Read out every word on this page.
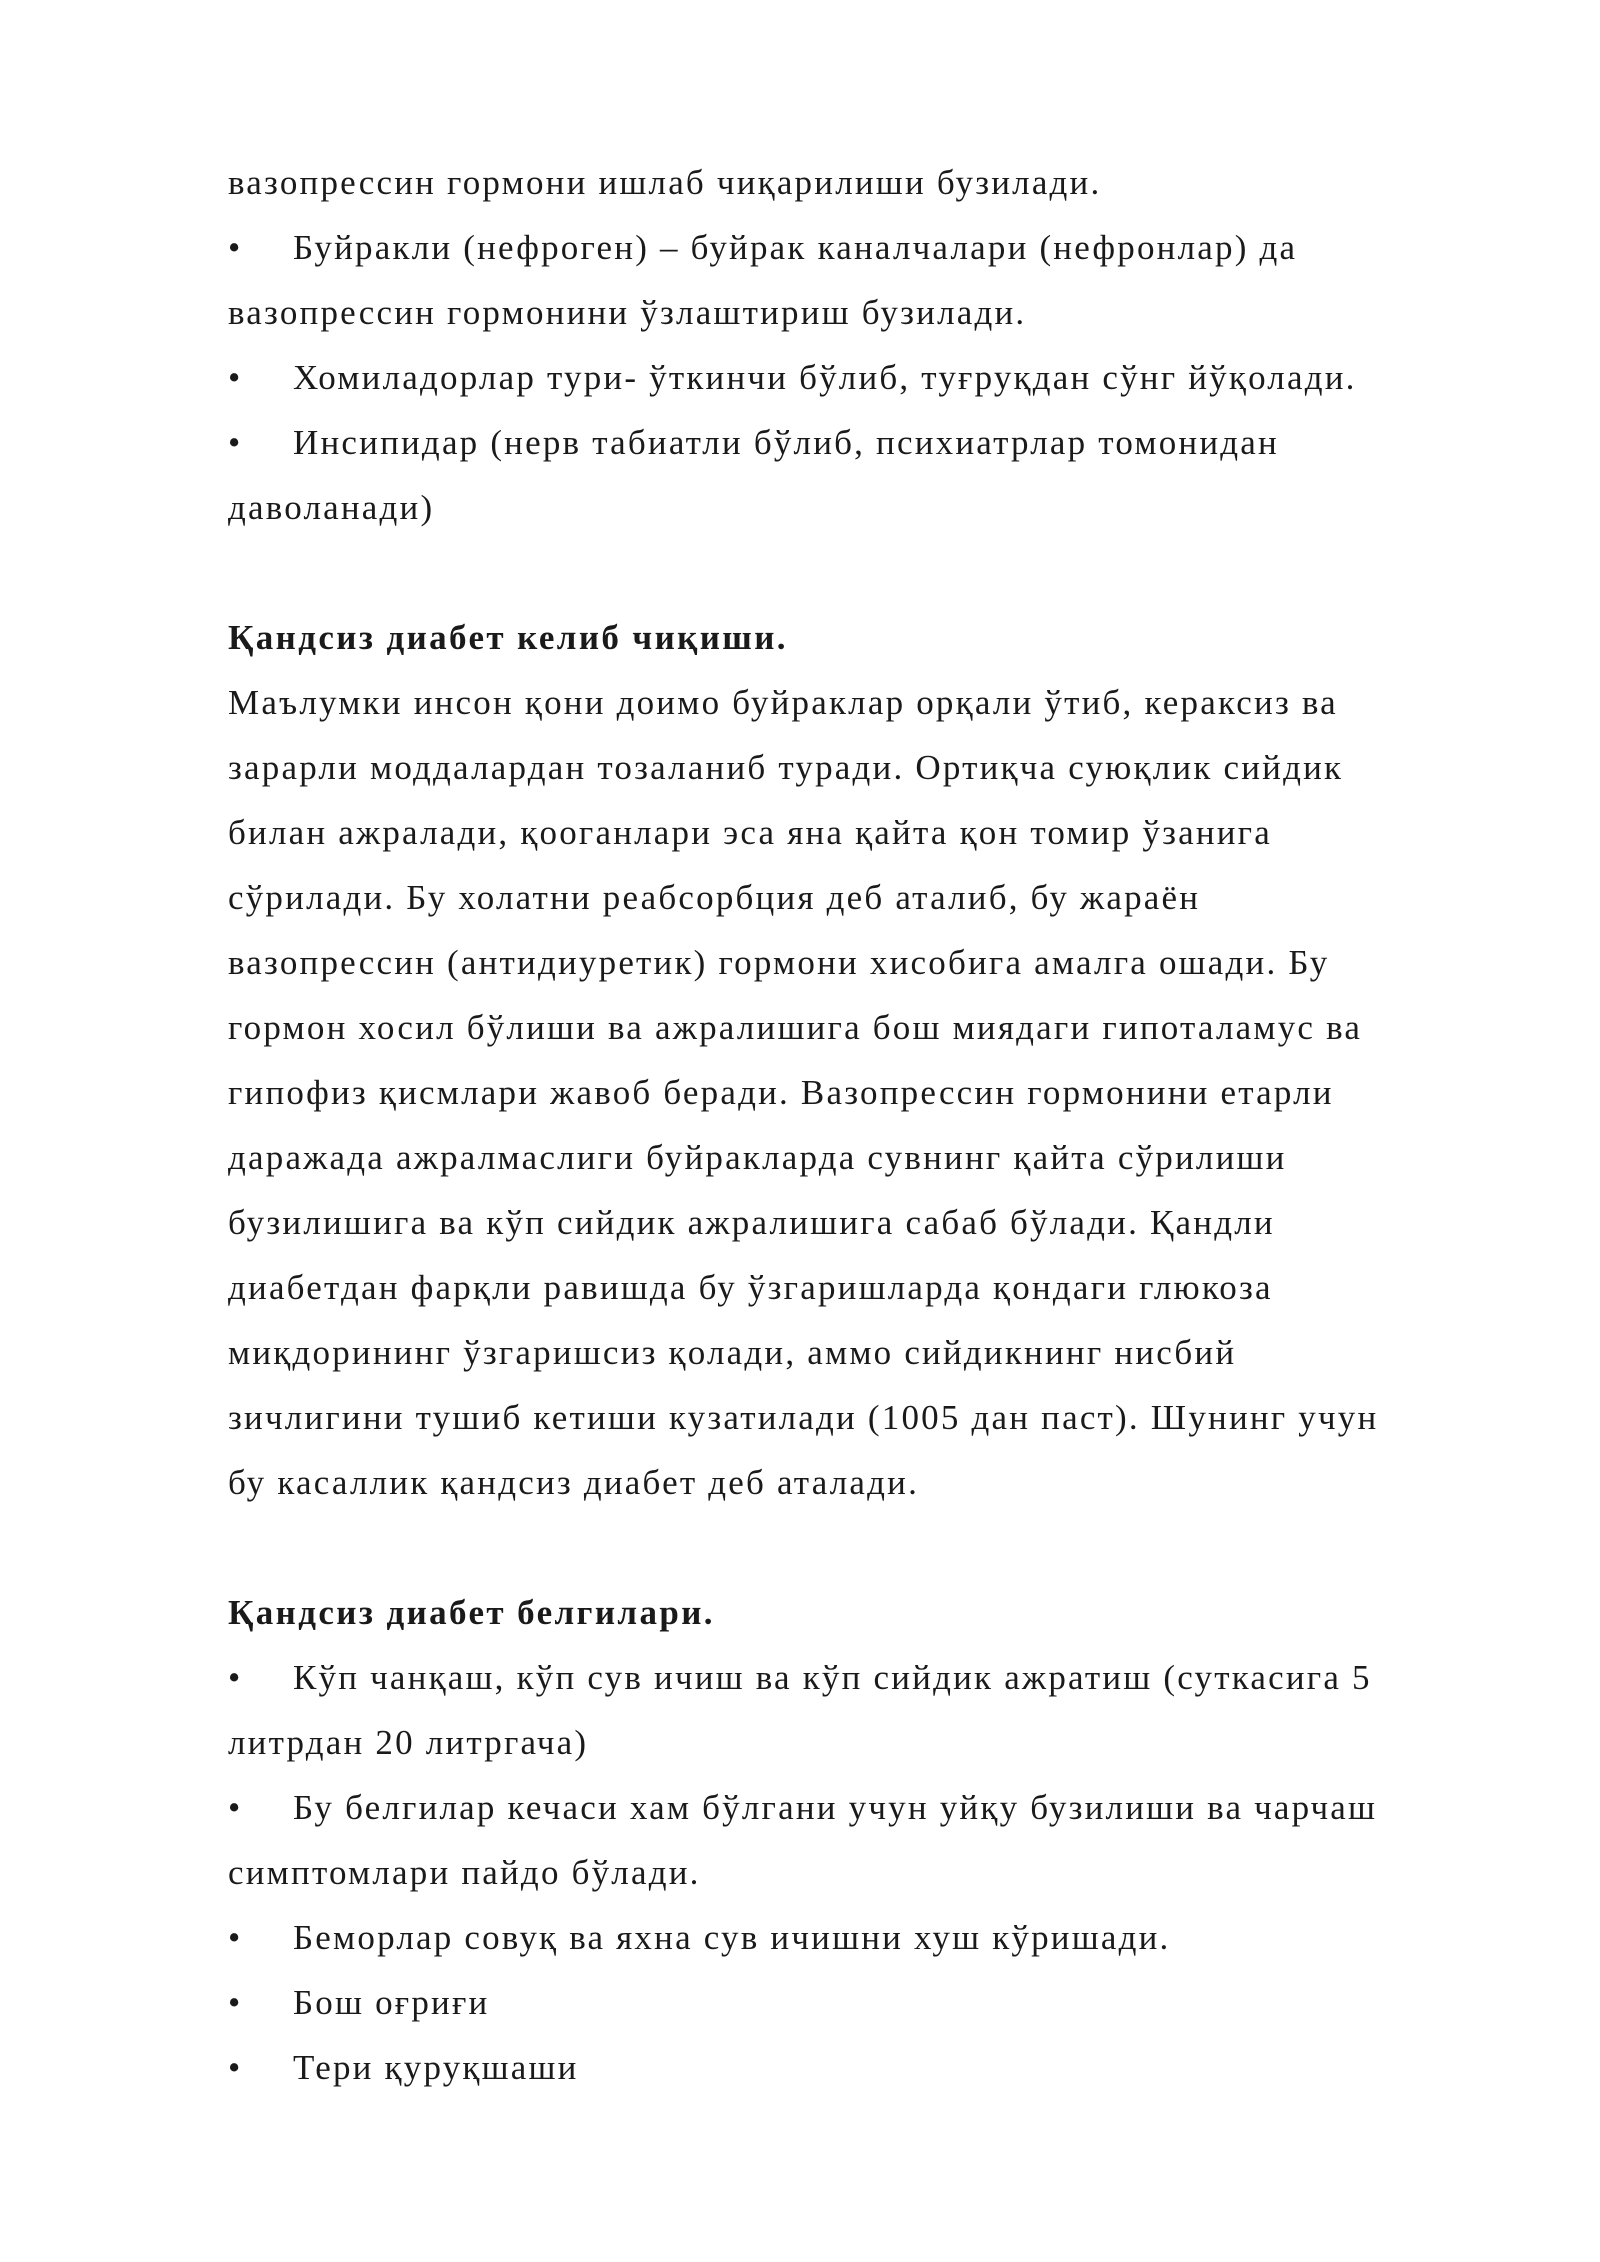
вазопрессин гормони ишлаб чиқарилиши бузилади.
• Буйракли (нефроген) – буйрак каналчалари (нефронлар) да
вазопрессин гормонини ўзлаштириш бузилади.
• Хомиладорлар тури- ўткинчи бўлиб, туғруқдан сўнг йўқолади.
• Инсипидар (нерв табиатли бўлиб, психиатрлар томонидан
даволанади)
Қандсиз диабет келиб чиқиши.
Маълумки инсон қони доимо буйраклар орқали ўтиб, кераксиз ва
зарарли моддалардан тозаланиб туради. Ортиқча суюқлик сийдик
билан ажралади, қооганлари эса яна қайта қон томир ўзанига
сўрилади. Бу холатни реабсорбция деб аталиб, бу жараён
вазопрессин (антидиуретик) гормони хисобига амалга ошади. Бу
гормон хосил бўлиши ва ажралишига бош миядаги гипоталамус ва
гипофиз қисмлари жавоб беради. Вазопрессин гормонини етарли
даражада ажралмаслиги буйракларда сувнинг қайта сўрилиши
бузилишига ва кўп сийдик ажралишига сабаб бўлади. Қандли
диабетдан фарқли равишда бу ўзгаришларда қондаги глюкоза
миқдорининг ўзгаришсиз қолади, аммо сийдикнинг нисбий
зичлигини тушиб кетиши кузатилади (1005 дан паст). Шунинг учун
бу касаллик қандсиз диабет деб аталади.
Қандсиз диабет белгилари.
• Кўп чанқаш, кўп сув ичиш ва кўп сийдик ажратиш (суткасига 5
литрдан 20 литргача)
• Бу белгилар кечаси хам бўлгани учун уйқу бузилиши ва чарчаш
симптомлари пайдо бўлади.
• Беморлар совуқ ва яхна сув ичишни хуш кўришади.
• Бош оғриғи
• Тери қуруқшаши
